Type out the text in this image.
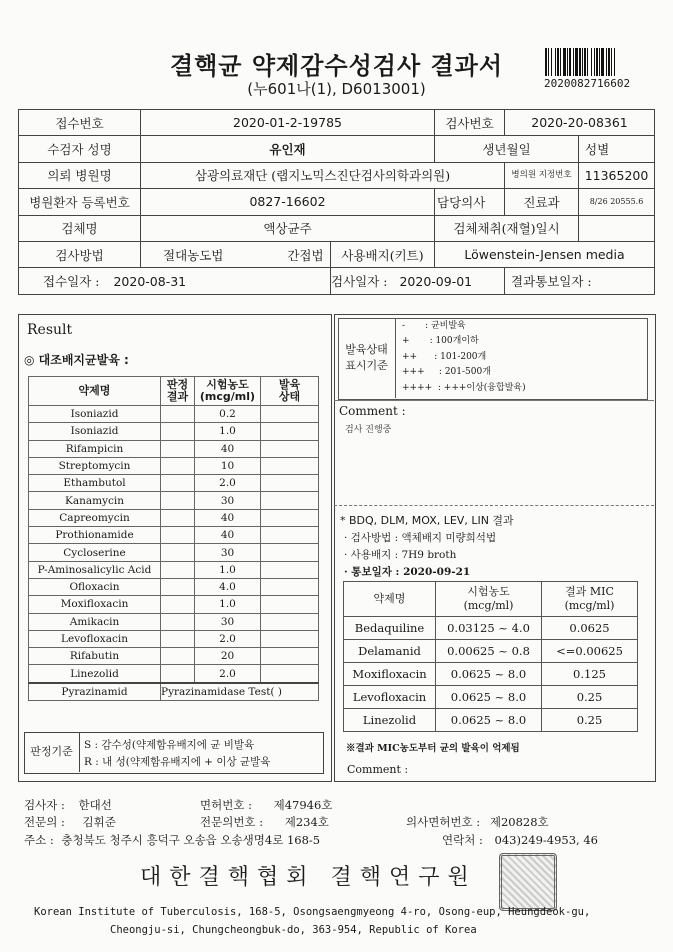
결핵균 약제감수성검사 결과서
(누601나(1), D6013001)	2020082716602
접수번호	2020-01-2-19785		검사번호	2020-20-08361	
수검자 성명	유인재		생년월일		성별
의뢰 병원명	삼광의료재단 (랩지노믹스진단검사의학과의원)			병의원 지정번호	11365200
병원환자 등록번호	0827-16602		담당의사	진료과	8/26 20555.6
검체명	액상균주		검체채취(재혈)일시		
검사방법	절대농도법 간접법	사용배지(키트)	Löwenstein-Jensen media		
접수일자 : 2020-08-31		검사일자 : 2020-09-01		결과통보일자 :	
Result
◎ 대조배지균발육 :
약제명	판정 결과	시험농도 (mcg/ml)	발육 상태
Isoniazid		0.2	
Isoniazid		1.0	
Rifampicin		40	
Streptomycin		10	
Ethambutol		2.0	
Kanamycin		30	
Capreomycin		40	
Prothionamide		40	
Cycloserine		30	
P-Aminosalicylic Acid		1.0	
Ofloxacin		4.0	
Moxifloxacin		1.0	
Amikacin		30	
Levofloxacin		2.0	
Rifabutin		20	
Linezolid		2.0	
Pyrazinamid	Pyrazinamidase Test( )		
판정기준	S : 감수성(약제함유배지에 균 비발육
R : 내 성(약제함유배지에 + 이상 균발육
발육상태 표시기준
-       : 균비발육
+       : 100개이하
++      : 101-200개
+++     : 201-500개
++++  : +++이상(융합발육)
Comment :
검사 진행중
* BDQ, DLM, MOX, LEV, LIN 결과
· 검사방법 : 액체배지 미량희석법
· 사용배지 : 7H9 broth
· 통보일자 : 2020-09-21
약제명	시험농도 (mcg/ml)	결과 MIC (mcg/ml)
Bedaquiline	0.03125 ~ 4.0	0.0625
Delamanid	0.00625 ~ 0.8	<=0.00625
Moxifloxacin	0.0625 ~ 8.0	0.125
Levofloxacin	0.0625 ~ 8.0	0.25
Linezolid	0.0625 ~ 8.0	0.25
※결과 MIC농도부터 균의 발육이 억제됨
Comment :
검사자 : 한대선	면허번호 : 제47946호
전문의 : 김휘준	전문의번호 : 제234호	의사면허번호 : 제20828호
주소 : 충청북도 청주시 흥덕구 오송읍 오송생명4로 168-5	연락처 : 043)249-4953, 46
대한결핵협회 결핵연구원
Korean Institute of Tuberculosis, 168-5, Osongsaengmyeong 4-ro, Osong-eup, Heungdeok-gu,
Cheongju-si, Chungcheongbuk-do, 363-954, Republic of Korea
